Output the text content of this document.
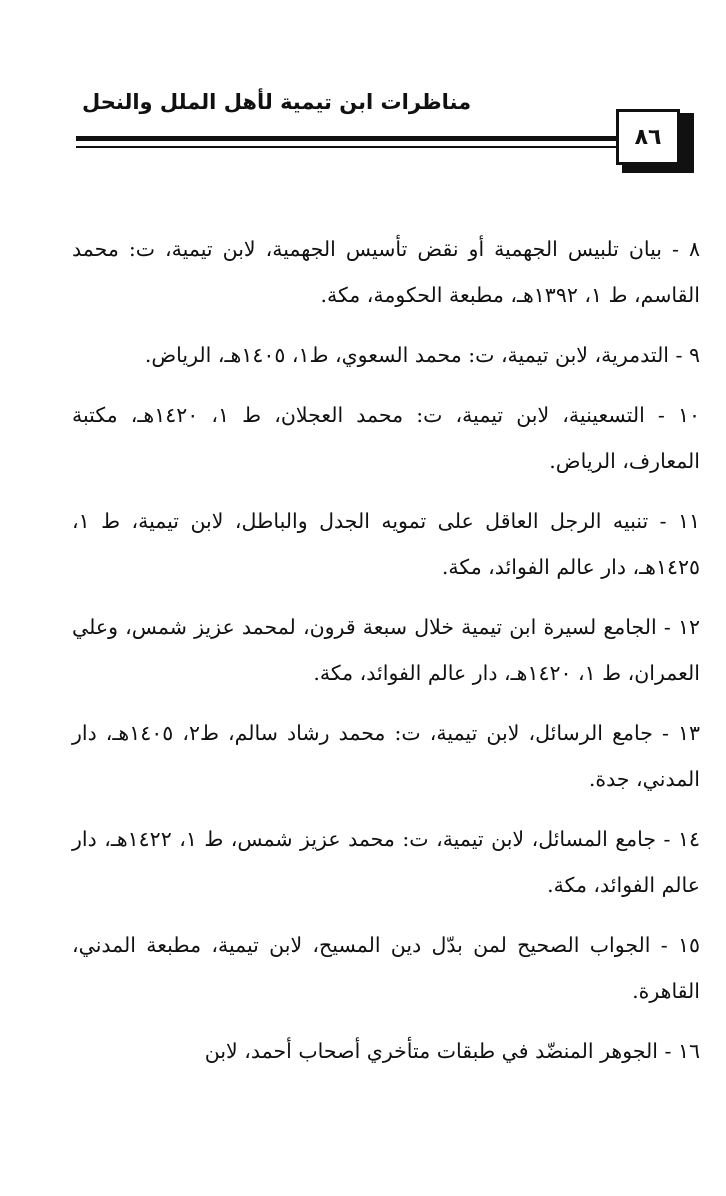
مناظرات ابن تيمية لأهل الملل والنحل
٨٦

٨ - بيان تلبيس الجهمية أو نقض تأسيس الجهمية، لابن تيمية، ت: محمد القاسم، ط ١، ١٣٩٢هـ، مطبعة الحكومة، مكة.

٩ - التدمرية، لابن تيمية، ت: محمد السعوي، ط١، ١٤٠٥هـ، الرياض.

١٠ - التسعينية، لابن تيمية، ت: محمد العجلان، ط ١، ١٤٢٠هـ، مكتبة المعارف، الرياض.

١١ - تنبيه الرجل العاقل على تمويه الجدل والباطل، لابن تيمية، ط ١، ١٤٢٥هـ، دار عالم الفوائد، مكة.

١٢ - الجامع لسيرة ابن تيمية خلال سبعة قرون، لمحمد عزيز شمس، وعلي العمران، ط ١، ١٤٢٠هـ، دار عالم الفوائد، مكة.

١٣ - جامع الرسائل، لابن تيمية، ت: محمد رشاد سالم، ط٢، ١٤٠٥هـ، دار المدني، جدة.

١٤ - جامع المسائل، لابن تيمية، ت: محمد عزيز شمس، ط ١، ١٤٢٢هـ، دار عالم الفوائد، مكة.

١٥ - الجواب الصحيح لمن بدّل دين المسيح، لابن تيمية، مطبعة المدني، القاهرة.

١٦ - الجوهر المنضّد في طبقات متأخري أصحاب أحمد، لابن
